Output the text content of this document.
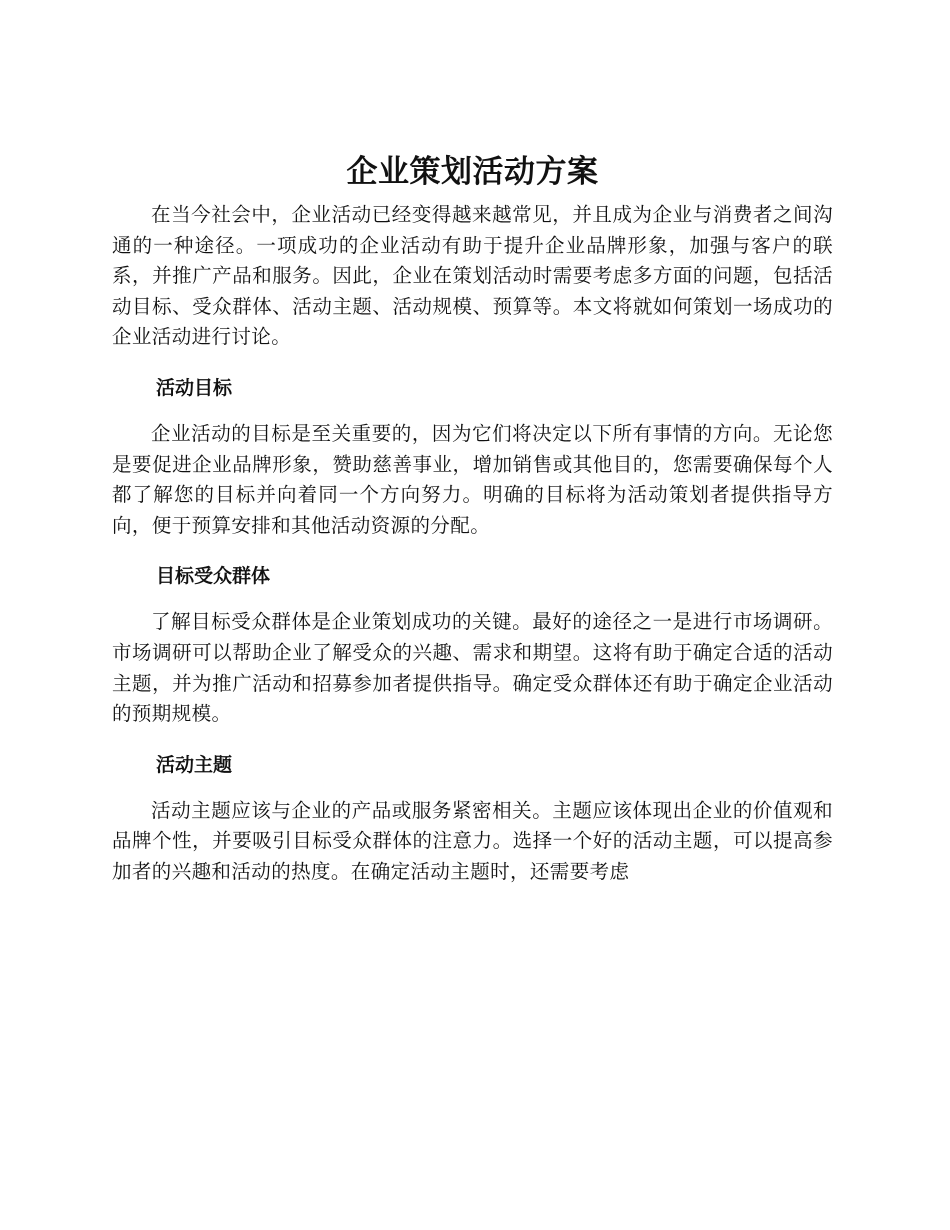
企业策划活动方案

在当今社会中，企业活动已经变得越来越常见，并且成为企业与消费者之间沟通的一种途径。一项成功的企业活动有助于提升企业品牌形象，加强与客户的联系，并推广产品和服务。因此，企业在策划活动时需要考虑多方面的问题，包括活动目标、受众群体、活动主题、活动规模、预算等。本文将就如何策划一场成功的企业活动进行讨论。

活动目标

企业活动的目标是至关重要的，因为它们将决定以下所有事情的方向。无论您是要促进企业品牌形象，赞助慈善事业，增加销售或其他目的，您需要确保每个人都了解您的目标并向着同一个方向努力。明确的目标将为活动策划者提供指导方向，便于预算安排和其他活动资源的分配。

目标受众群体

了解目标受众群体是企业策划成功的关键。最好的途径之一是进行市场调研。市场调研可以帮助企业了解受众的兴趣、需求和期望。这将有助于确定合适的活动主题，并为推广活动和招募参加者提供指导。确定受众群体还有助于确定企业活动的预期规模。

活动主题

活动主题应该与企业的产品或服务紧密相关。主题应该体现出企业的价值观和品牌个性，并要吸引目标受众群体的注意力。选择一个好的活动主题，可以提高参加者的兴趣和活动的热度。在确定活动主题时，还需要考虑
